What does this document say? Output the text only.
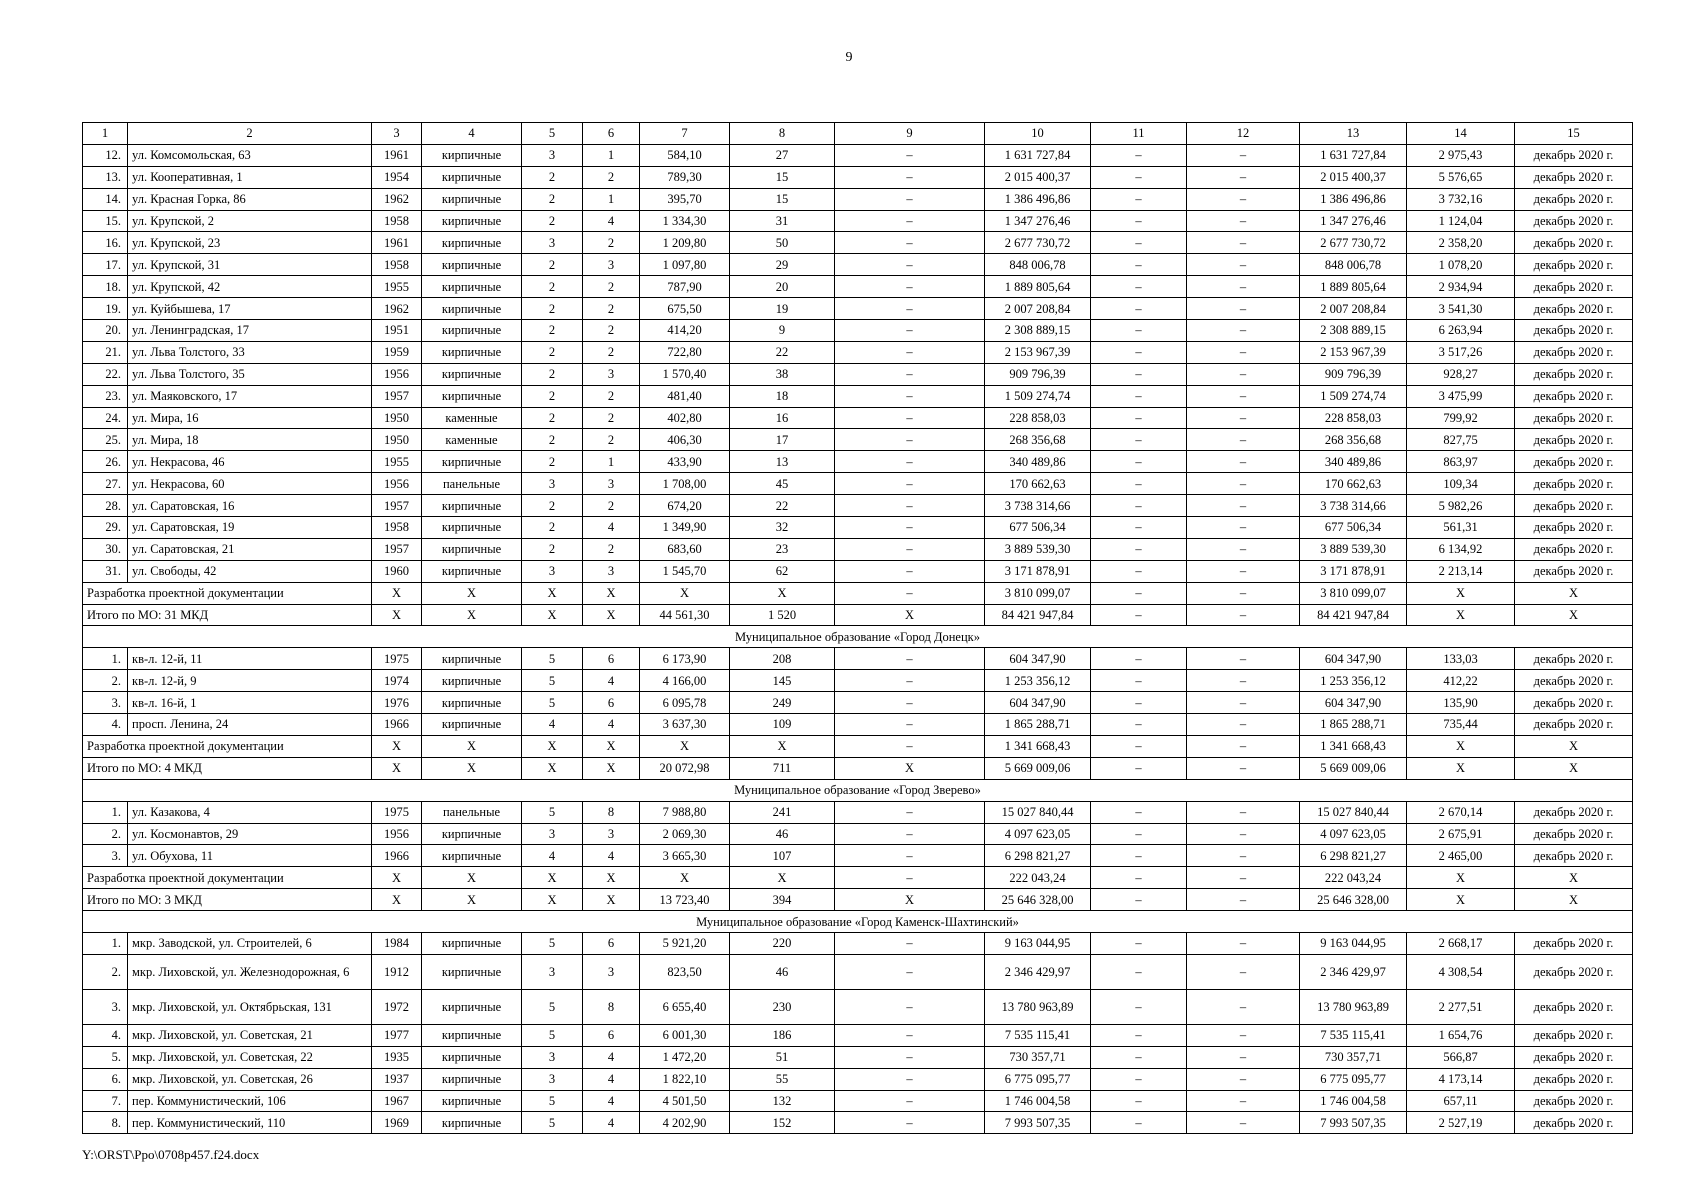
9
1	2	3	4	5	6	7	8	9	10	11	12	13	14	15
12.	ул. Комсомольская, 63	1961	кирпичные	3	1	584,10	27	–	1 631 727,84	–	–	1 631 727,84	2 975,43	декабрь 2020 г.
13.	ул. Кооперативная, 1	1954	кирпичные	2	2	789,30	15	–	2 015 400,37	–	–	2 015 400,37	5 576,65	декабрь 2020 г.
14.	ул. Красная Горка, 86	1962	кирпичные	2	1	395,70	15	–	1 386 496,86	–	–	1 386 496,86	3 732,16	декабрь 2020 г.
15.	ул. Крупской, 2	1958	кирпичные	2	4	1 334,30	31	–	1 347 276,46	–	–	1 347 276,46	1 124,04	декабрь 2020 г.
16.	ул. Крупской, 23	1961	кирпичные	3	2	1 209,80	50	–	2 677 730,72	–	–	2 677 730,72	2 358,20	декабрь 2020 г.
17.	ул. Крупской, 31	1958	кирпичные	2	3	1 097,80	29	–	848 006,78	–	–	848 006,78	1 078,20	декабрь 2020 г.
18.	ул. Крупской, 42	1955	кирпичные	2	2	787,90	20	–	1 889 805,64	–	–	1 889 805,64	2 934,94	декабрь 2020 г.
19.	ул. Куйбышева, 17	1962	кирпичные	2	2	675,50	19	–	2 007 208,84	–	–	2 007 208,84	3 541,30	декабрь 2020 г.
20.	ул. Ленинградская, 17	1951	кирпичные	2	2	414,20	9	–	2 308 889,15	–	–	2 308 889,15	6 263,94	декабрь 2020 г.
21.	ул. Льва Толстого, 33	1959	кирпичные	2	2	722,80	22	–	2 153 967,39	–	–	2 153 967,39	3 517,26	декабрь 2020 г.
22.	ул. Льва Толстого, 35	1956	кирпичные	2	3	1 570,40	38	–	909 796,39	–	–	909 796,39	928,27	декабрь 2020 г.
23.	ул. Маяковского, 17	1957	кирпичные	2	2	481,40	18	–	1 509 274,74	–	–	1 509 274,74	3 475,99	декабрь 2020 г.
24.	ул. Мира, 16	1950	каменные	2	2	402,80	16	–	228 858,03	–	–	228 858,03	799,92	декабрь 2020 г.
25.	ул. Мира, 18	1950	каменные	2	2	406,30	17	–	268 356,68	–	–	268 356,68	827,75	декабрь 2020 г.
26.	ул. Некрасова, 46	1955	кирпичные	2	1	433,90	13	–	340 489,86	–	–	340 489,86	863,97	декабрь 2020 г.
27.	ул. Некрасова, 60	1956	панельные	3	3	1 708,00	45	–	170 662,63	–	–	170 662,63	109,34	декабрь 2020 г.
28.	ул. Саратовская, 16	1957	кирпичные	2	2	674,20	22	–	3 738 314,66	–	–	3 738 314,66	5 982,26	декабрь 2020 г.
29.	ул. Саратовская, 19	1958	кирпичные	2	4	1 349,90	32	–	677 506,34	–	–	677 506,34	561,31	декабрь 2020 г.
30.	ул. Саратовская, 21	1957	кирпичные	2	2	683,60	23	–	3 889 539,30	–	–	3 889 539,30	6 134,92	декабрь 2020 г.
31.	ул. Свободы, 42	1960	кирпичные	3	3	1 545,70	62	–	3 171 878,91	–	–	3 171 878,91	2 213,14	декабрь 2020 г.
Разработка проектной документации		X	X	X	X	X	X	–	3 810 099,07	–	–	3 810 099,07	X	X
Итого по МО: 31 МКД		X	X	X	X	44 561,30	1 520	X	84 421 947,84	–	–	84 421 947,84	X	X
Муниципальное образование «Город Донецк»														
1.	кв-л. 12-й, 11	1975	кирпичные	5	6	6 173,90	208	–	604 347,90	–	–	604 347,90	133,03	декабрь 2020 г.
2.	кв-л. 12-й, 9	1974	кирпичные	5	4	4 166,00	145	–	1 253 356,12	–	–	1 253 356,12	412,22	декабрь 2020 г.
3.	кв-л. 16-й, 1	1976	кирпичные	5	6	6 095,78	249	–	604 347,90	–	–	604 347,90	135,90	декабрь 2020 г.
4.	просп. Ленина, 24	1966	кирпичные	4	4	3 637,30	109	–	1 865 288,71	–	–	1 865 288,71	735,44	декабрь 2020 г.
Разработка проектной документации		X	X	X	X	X	X	–	1 341 668,43	–	–	1 341 668,43	X	X
Итого по МО: 4 МКД		X	X	X	X	20 072,98	711	X	5 669 009,06	–	–	5 669 009,06	X	X
Муниципальное образование «Город Зверево»														
1.	ул. Казакова, 4	1975	панельные	5	8	7 988,80	241	–	15 027 840,44	–	–	15 027 840,44	2 670,14	декабрь 2020 г.
2.	ул. Космонавтов, 29	1956	кирпичные	3	3	2 069,30	46	–	4 097 623,05	–	–	4 097 623,05	2 675,91	декабрь 2020 г.
3.	ул. Обухова, 11	1966	кирпичные	4	4	3 665,30	107	–	6 298 821,27	–	–	6 298 821,27	2 465,00	декабрь 2020 г.
Разработка проектной документации		X	X	X	X	X	X	–	222 043,24	–	–	222 043,24	X	X
Итого по МО: 3 МКД		X	X	X	X	13 723,40	394	X	25 646 328,00	–	–	25 646 328,00	X	X
Муниципальное образование «Город Каменск-Шахтинский»														
1.	мкр. Заводской, ул. Строителей, 6	1984	кирпичные	5	6	5 921,20	220	–	9 163 044,95	–	–	9 163 044,95	2 668,17	декабрь 2020 г.
2.	мкр. Лиховской, ул. Железнодорожная, 6	1912	кирпичные	3	3	823,50	46	–	2 346 429,97	–	–	2 346 429,97	4 308,54	декабрь 2020 г.
3.	мкр. Лиховской, ул. Октябрьская, 131	1972	кирпичные	5	8	6 655,40	230	–	13 780 963,89	–	–	13 780 963,89	2 277,51	декабрь 2020 г.
4.	мкр. Лиховской, ул. Советская, 21	1977	кирпичные	5	6	6 001,30	186	–	7 535 115,41	–	–	7 535 115,41	1 654,76	декабрь 2020 г.
5.	мкр. Лиховской, ул. Советская, 22	1935	кирпичные	3	4	1 472,20	51	–	730 357,71	–	–	730 357,71	566,87	декабрь 2020 г.
6.	мкр. Лиховской, ул. Советская, 26	1937	кирпичные	3	4	1 822,10	55	–	6 775 095,77	–	–	6 775 095,77	4 173,14	декабрь 2020 г.
7.	пер. Коммунистический, 106	1967	кирпичные	5	4	4 501,50	132	–	1 746 004,58	–	–	1 746 004,58	657,11	декабрь 2020 г.
8.	пер. Коммунистический, 110	1969	кирпичные	5	4	4 202,90	152	–	7 993 507,35	–	–	7 993 507,35	2 527,19	декабрь 2020 г.
Y:\ORST\Ppo\0708p457.f24.docx
